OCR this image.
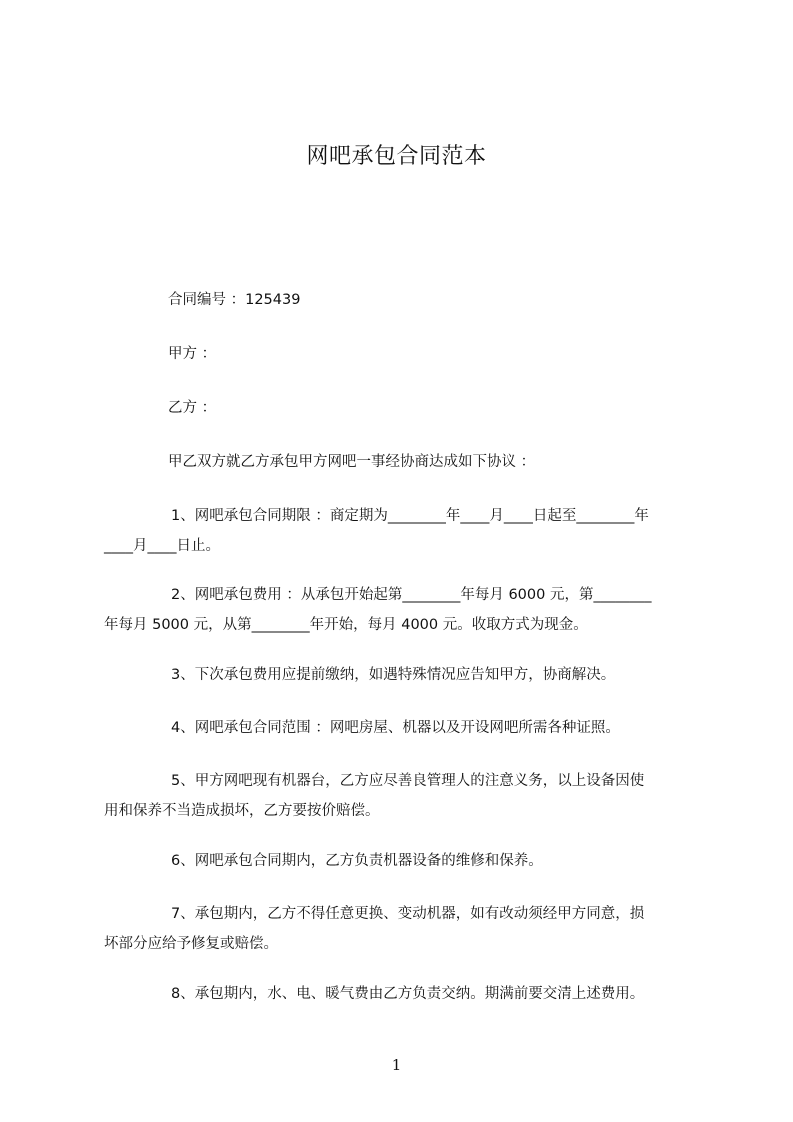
网吧承包合同范本
合同编号 ：125439
甲方 ：
乙方 ：
甲乙双方就乙方承包甲方网吧一事经协商达成如下协议 ：
1、网吧承包合同期限 ：商定期为________年____月____日起至________年
____月____日止。
2、网吧承包费用 ：从承包开始起第________年每月 6000 元，第________
年每月 5000 元，从第________年开始，每月 4000 元。收取方式为现金。
3、下次承包费用应提前缴纳，如遇特殊情况应告知甲方，协商解决。
4、网吧承包合同范围 ：网吧房屋、机器以及开设网吧所需各种证照。
5、甲方网吧现有机器台，乙方应尽善良管理人的注意义务，以上设备因使
用和保养不当造成损坏，乙方要按价赔偿。
6、网吧承包合同期内，乙方负责机器设备的维修和保养。
7、承包期内，乙方不得任意更换、变动机器，如有改动须经甲方同意，损
坏部分应给予修复或赔偿。
8、承包期内，水、电、暖气费由乙方负责交纳。期满前要交清上述费用。
1
